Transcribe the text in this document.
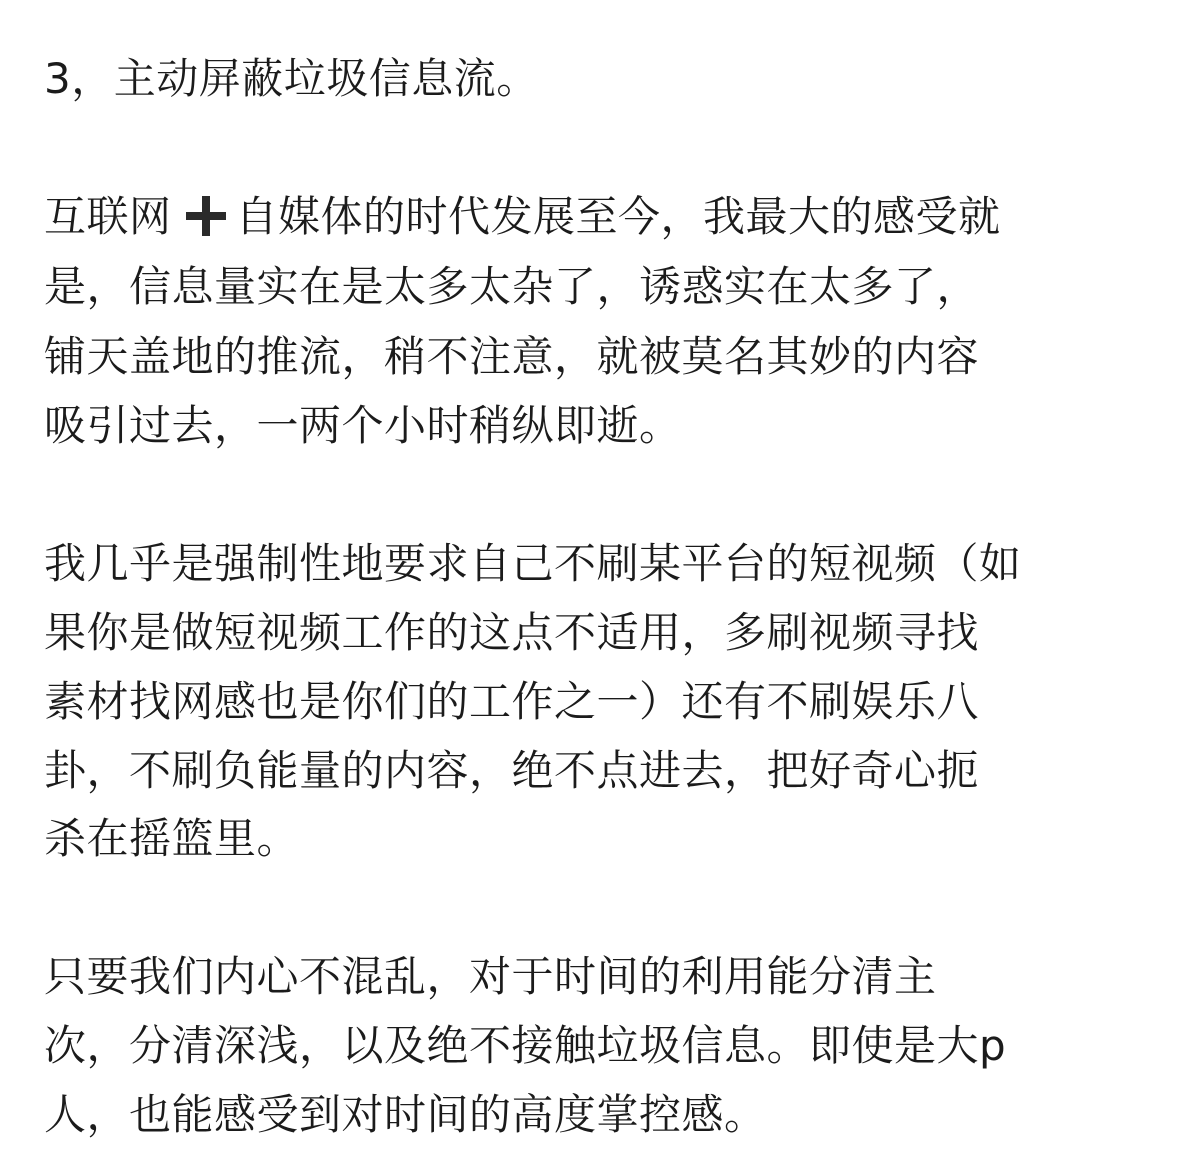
3，主动屏蔽垃圾信息流。

互联网 自媒体的时代发展至今，我最大的感受就

是，信息量实在是太多太杂了，诱惑实在太多了，

铺天盖地的推流，稍不注意，就被莫名其妙的内容

吸引过去，一两个小时稍纵即逝。

我几乎是强制性地要求自己不刷某平台的短视频（如

果你是做短视频工作的这点不适用，多刷视频寻找

素材找网感也是你们的工作之一）还有不刷娱乐八

卦，不刷负能量的内容，绝不点进去，把好奇心扼

杀在摇篮里。

只要我们内心不混乱，对于时间的利用能分清主

次，分清深浅，以及绝不接触垃圾信息。即使是大p

人，也能感受到对时间的高度掌控感。
